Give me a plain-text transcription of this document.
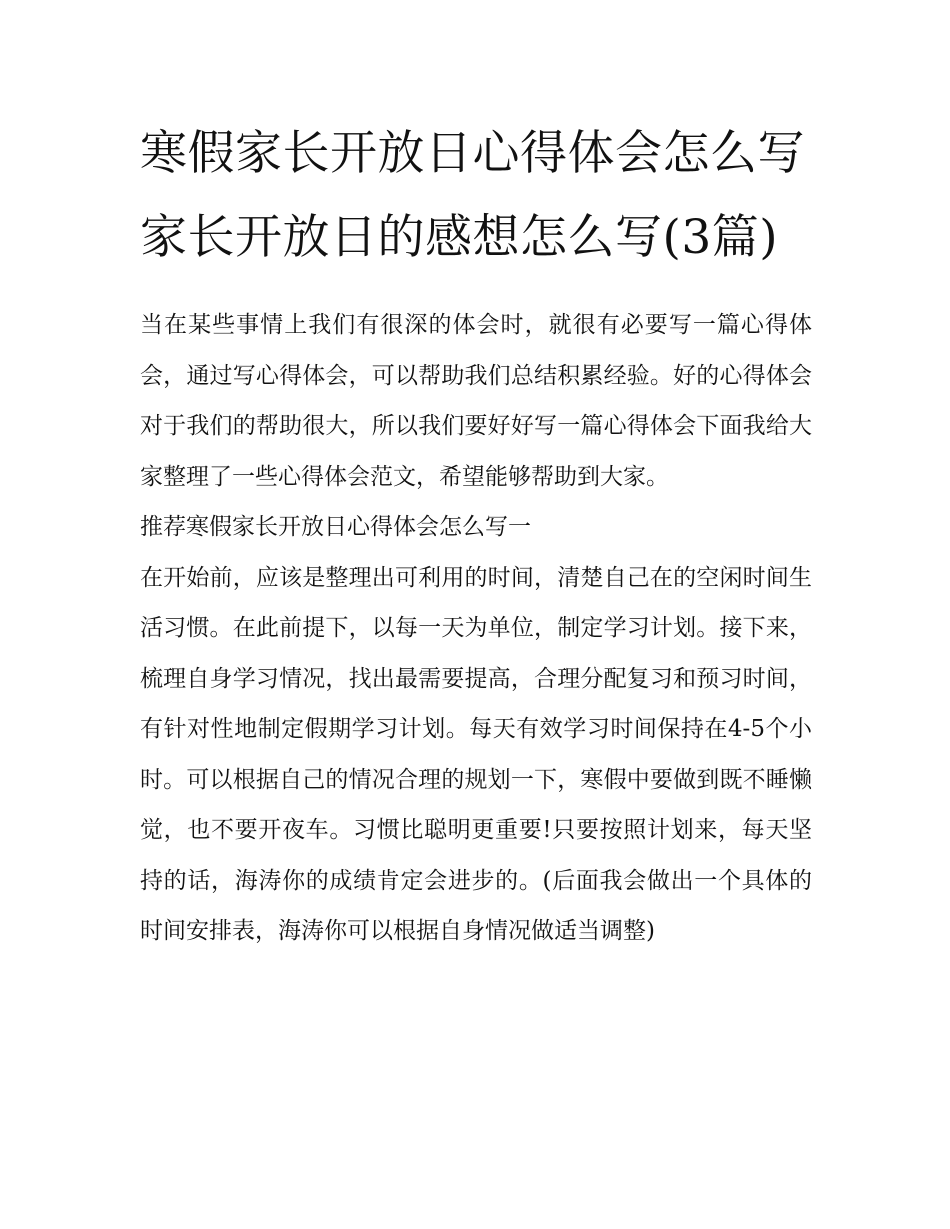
寒假家长开放日心得体会怎么写 家长开放日的感想怎么写(3篇)

当在某些事情上我们有很深的体会时，就很有必要写一篇心得体会，通过写心得体会，可以帮助我们总结积累经验。好的心得体会对于我们的帮助很大，所以我们要好好写一篇心得体会下面我给大家整理了一些心得体会范文，希望能够帮助到大家。

推荐寒假家长开放日心得体会怎么写一

在开始前，应该是整理出可利用的时间，清楚自己在的空闲时间生活习惯。在此前提下，以每一天为单位，制定学习计划。接下来，梳理自身学习情况，找出最需要提高，合理分配复习和预习时间，有针对性地制定假期学习计划。每天有效学习时间保持在4-5个小时。可以根据自己的情况合理的规划一下，寒假中要做到既不睡懒觉，也不要开夜车。习惯比聪明更重要!只要按照计划来，每天坚持的话，海涛你的成绩肯定会进步的。(后面我会做出一个具体的时间安排表，海涛你可以根据自身情况做适当调整)
